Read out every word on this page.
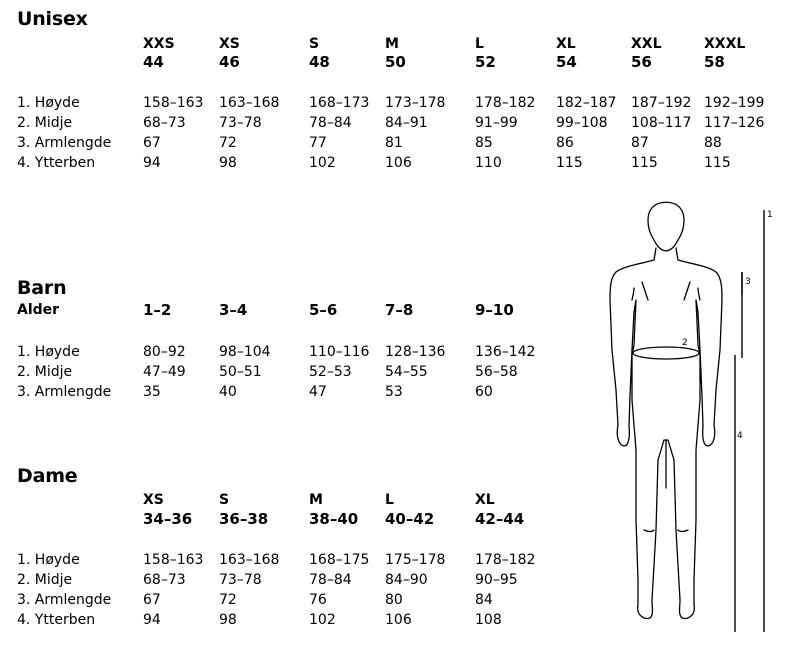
Unisex
XXS	XS	S	M	L	XL	XXL	XXXL
44	46	48	50	52	54	56	58
1. Høyde	158–163 163–168 168–173 173–178 178–182 182–187 187–192 192–199
2. Midje	68–73 73–78	78–84 84–91	91–99	99–108 108–117 117–126
3. Armlengde 67	72	77	81	85	86	87	88
4. Ytterben	94	98	102	106	110	115	115	115
Barn
Alder	1–2	3–4	5–6	7–8	9–10
1. Høyde	80–92 98–104	110–116 128–136 136–142
2. Midje	47–49 50–51	52–53 54–55	56–58
3. Armlengde 35	40	47	53	60
Dame
XS	S	M	L	XL
34–36 36–38	38–40 40–42	42–44
1. Høyde	158–163 163–168 168–175 175–178 178–182
2. Midje	68–73 73–78	78–84 84–90	90–95
3. Armlengde 67	72	76	80	84
4. Ytterben	94	98	102	106	108
1
2
3
4
